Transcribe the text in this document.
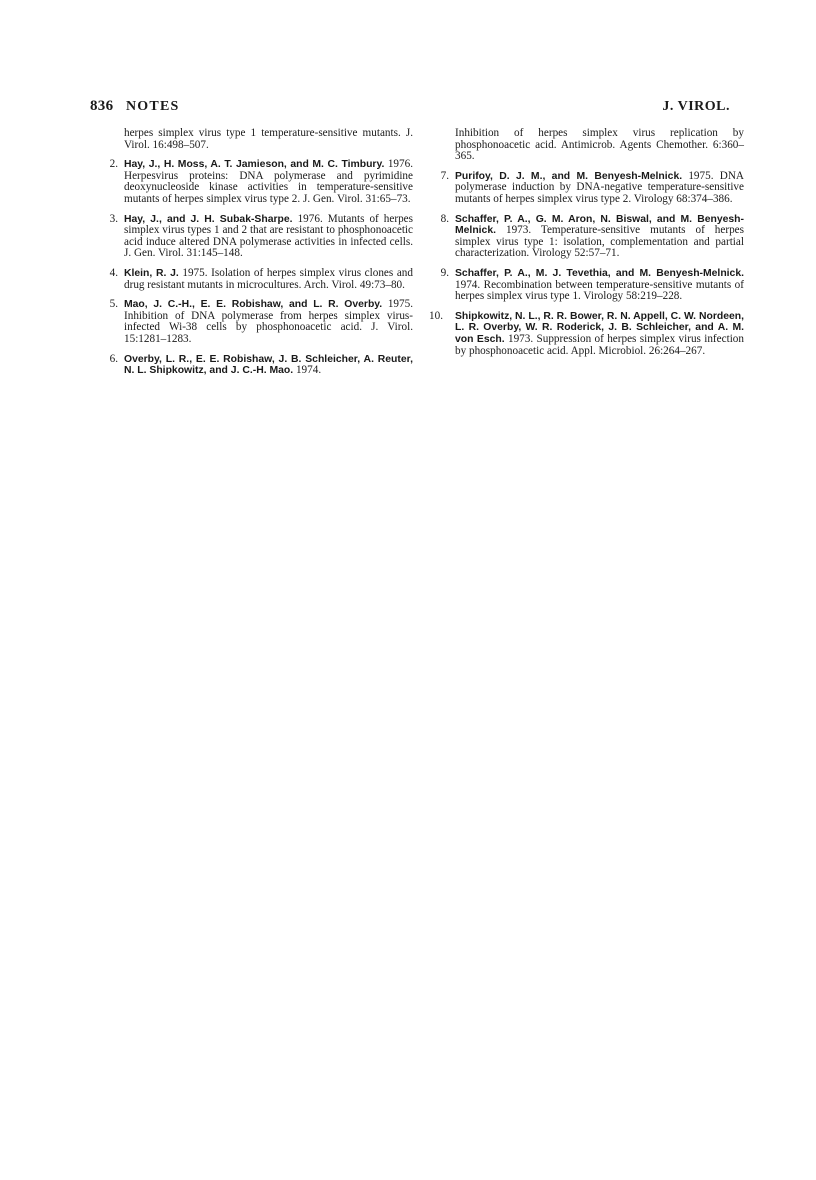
836 NOTES	J. VIROL.
herpes simplex virus type 1 temperature-sensitive mutants. J. Virol. 16:498–507.
2. Hay, J., H. Moss, A. T. Jamieson, and M. C. Timbury. 1976. Herpesvirus proteins: DNA polymerase and pyrimidine deoxynucleoside kinase activities in temperature-sensitive mutants of herpes simplex virus type 2. J. Gen. Virol. 31:65–73.
3. Hay, J., and J. H. Subak-Sharpe. 1976. Mutants of herpes simplex virus types 1 and 2 that are resistant to phosphonoacetic acid induce altered DNA polymerase activities in infected cells. J. Gen. Virol. 31:145–148.
4. Klein, R. J. 1975. Isolation of herpes simplex virus clones and drug resistant mutants in microcultures. Arch. Virol. 49:73–80.
5. Mao, J. C.-H., E. E. Robishaw, and L. R. Overby. 1975. Inhibition of DNA polymerase from herpes simplex virus-infected Wi-38 cells by phosphonoacetic acid. J. Virol. 15:1281–1283.
6. Overby, L. R., E. E. Robishaw, J. B. Schleicher, A. Reuter, N. L. Shipkowitz, and J. C.-H. Mao. 1974.
Inhibition of herpes simplex virus replication by phosphonoacetic acid. Antimicrob. Agents Chemother. 6:360–365.
7. Purifoy, D. J. M., and M. Benyesh-Melnick. 1975. DNA polymerase induction by DNA-negative temperature-sensitive mutants of herpes simplex virus type 2. Virology 68:374–386.
8. Schaffer, P. A., G. M. Aron, N. Biswal, and M. Benyesh-Melnick. 1973. Temperature-sensitive mutants of herpes simplex virus type 1: isolation, complementation and partial characterization. Virology 52:57–71.
9. Schaffer, P. A., M. J. Tevethia, and M. Benyesh-Melnick. 1974. Recombination between temperature-sensitive mutants of herpes simplex virus type 1. Virology 58:219–228.
10. Shipkowitz, N. L., R. R. Bower, R. N. Appell, C. W. Nordeen, L. R. Overby, W. R. Roderick, J. B. Schleicher, and A. M. von Esch. 1973. Suppression of herpes simplex virus infection by phosphonoacetic acid. Appl. Microbiol. 26:264–267.
